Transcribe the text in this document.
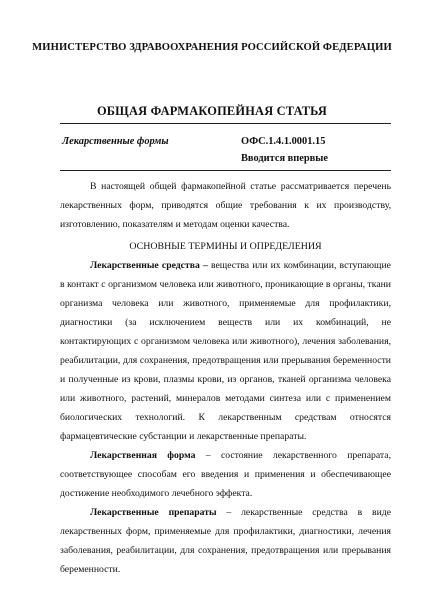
МИНИСТЕРСТВО ЗДРАВООХРАНЕНИЯ РОССИЙСКОЙ ФЕДЕРАЦИИ
ОБЩАЯ ФАРМАКОПЕЙНАЯ СТАТЬЯ
Лекарственные формы	ОФС.1.4.1.0001.15
Вводится впервые

В настоящей общей фармакопейной статье рассматривается перечень лекарственных форм, приводятся общие требования к их производству, изготовлению, показателям и методам оценки качества.

ОСНОВНЫЕ ТЕРМИНЫ И ОПРЕДЕЛЕНИЯ

Лекарственные средства – вещества или их комбинации, вступающие в контакт с организмом человека или животного, проникающие в органы, ткани организма человека или животного, применяемые для профилактики, диагностики (за исключением веществ или их комбинаций, не контактирующих с организмом человека или животного), лечения заболевания, реабилитации, для сохранения, предотвращения или прерывания беременности и полученные из крови, плазмы крови, из органов, тканей организма человека или животного, растений, минералов методами синтеза или с применением биологических технологий. К лекарственным средствам относятся фармацевтические субстанции и лекарственные препараты.

Лекарственная форма – состояние лекарственного препарата, соответствующее способам его введения и применения и обеспечивающее достижение необходимого лечебного эффекта.

Лекарственные препараты – лекарственные средства в виде лекарственных форм, применяемые для профилактики, диагностики, лечения заболевания, реабилитации, для сохранения, предотвращения или прерывания беременности.
